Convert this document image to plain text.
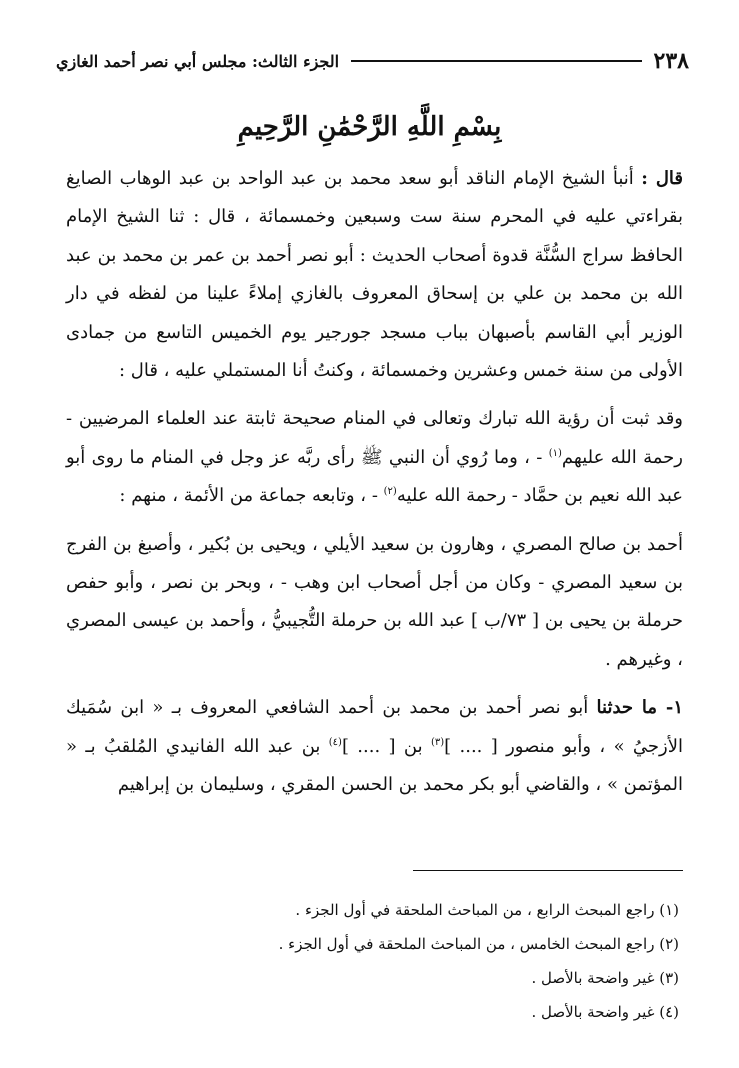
٢٣٨
الجزء الثالث: مجلس أبي نصر أحمد الغازي
بِسْمِ اللَّهِ الرَّحْمَٰنِ الرَّحِيمِ

قال : أنبأ الشيخ الإمام الناقد أبو سعد محمد بن عبد الواحد بن عبد الوهاب الصايغ بقراءتي عليه في المحرم سنة ست وسبعين وخمسمائة ، قال : ثنا الشيخ الإمام الحافظ سراج السُّنَّة قدوة أصحاب الحديث : أبو نصر أحمد بن عمر بن محمد بن عبد الله بن محمد بن علي بن إسحاق المعروف بالغازي إملاءً علينا من لفظه في دار الوزير أبي القاسم بأصبهان بباب مسجد جورجير يوم الخميس التاسع من جمادى الأولى من سنة خمس وعشرين وخمسمائة ، وكنتُ أنا المستملي عليه ، قال :

وقد ثبت أن رؤية الله تبارك وتعالى في المنام صحيحة ثابتة عند العلماء المرضيين - رحمة الله عليهم$^{(١)}$ - ، وما رُوي أن النبي ﷺ رأى ربَّه عز وجل في المنام ما روى أبو عبد الله نعيم بن حمَّاد - رحمة الله عليه$^{(٢)}$ - ، وتابعه جماعة من الأئمة ، منهم :

أحمد بن صالح المصري ، وهارون بن سعيد الأيلي ، ويحيى بن بُكير ، وأصبغ بن الفرج بن سعيد المصري - وكان من أجل أصحاب ابن وهب - ، وبحر بن نصر ، وأبو حفص حرملة بن يحيى بن [ ٧٣/ب ] عبد الله بن حرملة التُّجيبيُّ ، وأحمد بن عيسى المصري ، وغيرهم .

١- ما حدثنا أبو نصر أحمد بن محمد بن أحمد الشافعي المعروف بـ « ابن سُمَيك الأزجيُ » ، وأبو منصور [ .... ]$^{(٣)}$ بن [ .... ]$^{(٤)}$ بن عبد الله الفانيدي المُلقبُ بـ « المؤتمن » ، والقاضي أبو بكر محمد بن الحسن المقري ، وسليمان بن إبراهيم

(١) راجع المبحث الرابع ، من المباحث الملحقة في أول الجزء .

(٢) راجع المبحث الخامس ، من المباحث الملحقة في أول الجزء .

(٣) غير واضحة بالأصل .

(٤) غير واضحة بالأصل .
